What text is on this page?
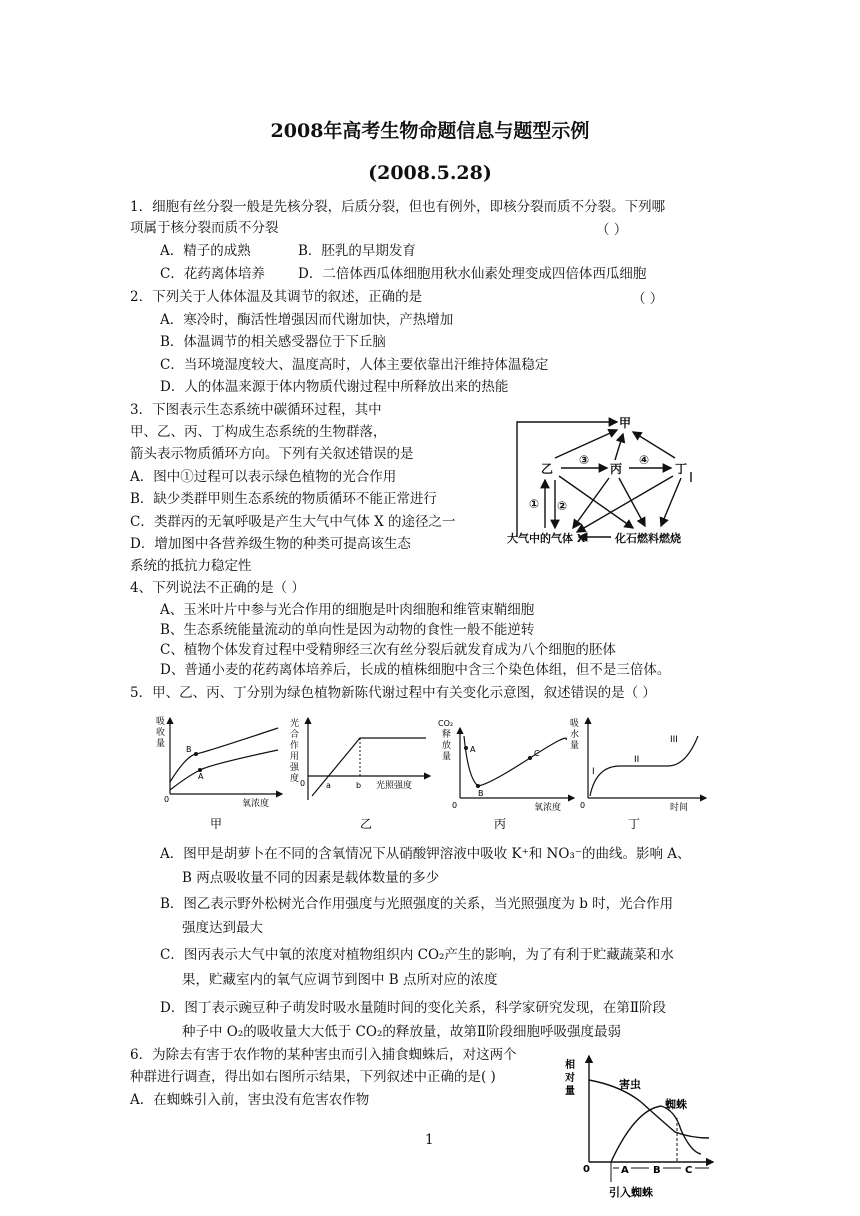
2008年高考生物命题信息与题型示例
(2008.5.28)
1．细胞有丝分裂一般是先核分裂，后质分裂，但也有例外，即核分裂而质不分裂。下列哪
项属于核分裂而质不分裂	（ ）
A．精子的成熟	B．胚乳的早期发育
C．花药离体培养 D．二倍体西瓜体细胞用秋水仙素处理变成四倍体西瓜细胞
2．下列关于人体体温及其调节的叙述，正确的是	（ ）
A．寒冷时，酶活性增强因而代谢加快，产热增加
B．体温调节的相关感受器位于下丘脑
C．当环境湿度较大、温度高时，人体主要依靠出汗维持体温稳定
D．人的体温来源于体内物质代谢过程中所释放出来的热能
3．下图表示生态系统中碳循环过程，其中
甲、乙、丙、丁构成生态系统的生物群落，
箭头表示物质循环方向。下列有关叙述错误的是
A．图中①过程可以表示绿色植物的光合作用
B．缺少类群甲则生态系统的物质循环不能正常进行
C．类群丙的无氧呼吸是产生大气中气体 X 的途径之一
D．增加图中各营养级生物的种类可提高该生态
系统的抵抗力稳定性
甲
乙	丙	丁
③	④
① ②
大气中的气体 X	化石燃料燃烧
4、下列说法不正确的是（ ）
A、玉米叶片中参与光合作用的细胞是叶肉细胞和维管束鞘细胞
B、生态系统能量流动的单向性是因为动物的食性一般不能逆转
C、植物个体发育过程中受精卵经三次有丝分裂后就发育成为八个细胞的胚体
D、普通小麦的花药离体培养后，长成的植株细胞中含三个染色体组，但不是三倍体。
5．甲、乙、丙、丁分别为绿色植物新陈代谢过程中有关变化示意图，叙述错误的是（ ）
B
A
吸
收
量
0	氧浓度
甲
a	b
光
合
作
用
强
度 0	光照强度
乙
A
B
C
CO₂
释
放
量
0	氧浓度
丙
I
II
III
吸
水
量
0	时间
丁
A．图甲是胡萝卜在不同的含氧情况下从硝酸钾溶液中吸收 K⁺和 NO₃⁻的曲线。影响 A、
B 两点吸收量不同的因素是载体数量的多少
B．图乙表示野外松树光合作用强度与光照强度的关系，当光照强度为 b 时，光合作用
强度达到最大
C．图丙表示大气中氧的浓度对植物组织内 CO₂产生的影响，为了有利于贮藏蔬菜和水
果，贮藏室内的氧气应调节到图中 B 点所对应的浓度
D．图丁表示豌豆种子萌发时吸水量随时间的变化关系，科学家研究发现，在第Ⅱ阶段
种子中 O₂的吸收量大大低于 CO₂的释放量，故第Ⅱ阶段细胞呼吸强度最弱
6．为除去有害于农作物的某种害虫而引入捕食蜘蛛后，对这两个
种群进行调查，得出如右图所示结果，下列叙述中正确的是( )
A．在蜘蛛引入前，害虫没有危害农作物
相
对
量
害虫
蜘蛛
0	A B C
引入蜘蛛
1
